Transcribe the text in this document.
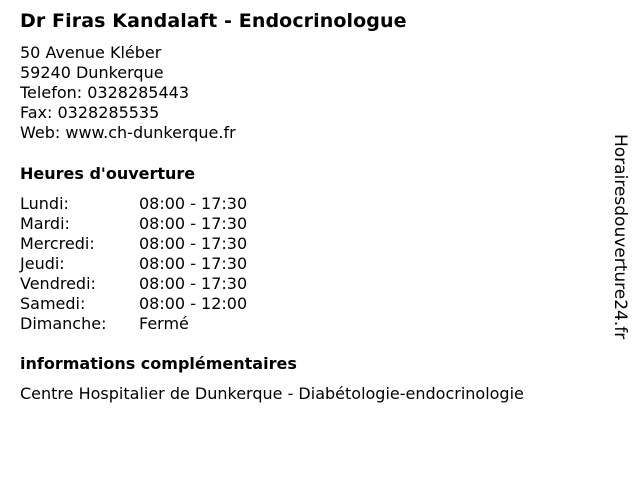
Dr Firas Kandalaft - Endocrinologue
50 Avenue Kléber
59240 Dunkerque
Telefon: 0328285443
Fax: 0328285535
Web: www.ch-dunkerque.fr
Heures d'ouverture
Lundi:	08:00 - 17:30
Mardi:	08:00 - 17:30
Mercredi:	08:00 - 17:30
Jeudi:	08:00 - 17:30
Vendredi:	08:00 - 17:30
Samedi:	08:00 - 12:00
Dimanche: Fermé
informations complémentaires
Centre Hospitalier de Dunkerque - Diabétologie-endocrinologie
Horairesdouverture24.fr
